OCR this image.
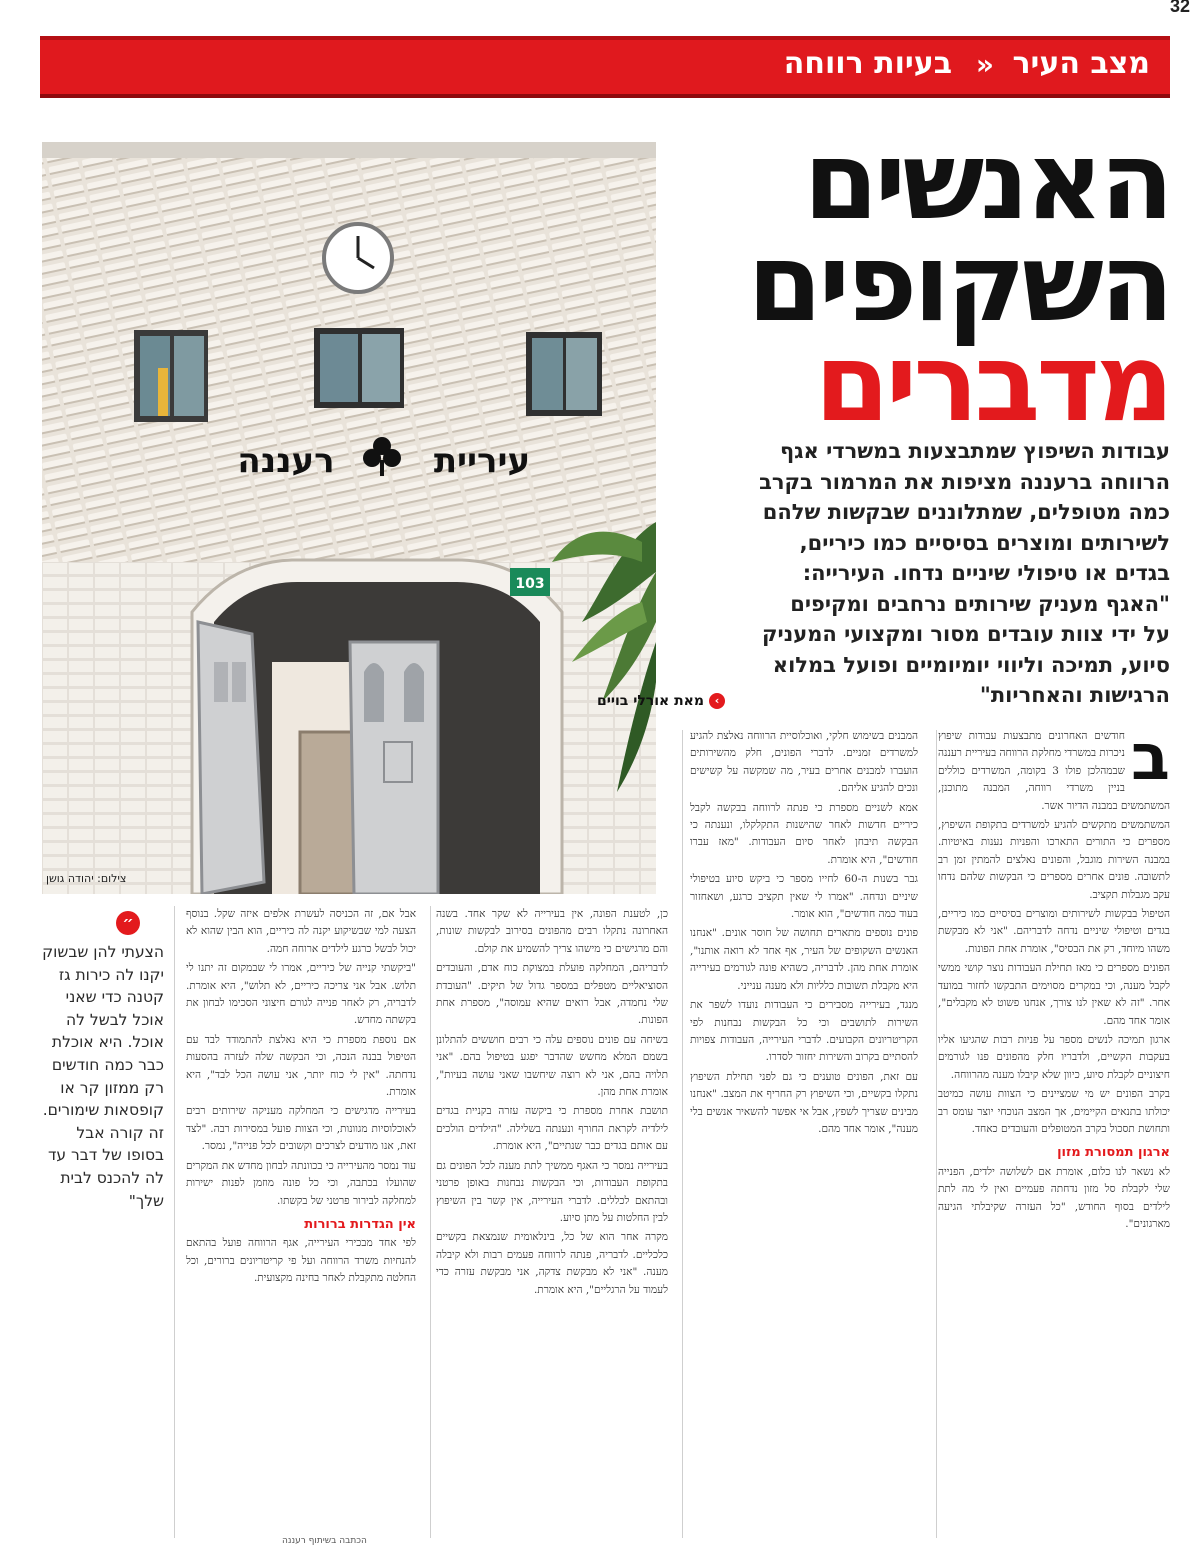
32
מצב העיר
»
בעיות רווחה
רעננה	עיריית
103
צילום: יהודה גושן
האנשים
השקופים
מדברים
עבודות השיפוץ שמתבצעות במשרדי אגף
הרווחה ברעננה מציפות את המרמור בקרב
כמה מטופלים, שמתלוננים שבקשות שלהם
לשירותים ומוצרים בסיסיים כמו כיריים,
בגדים או טיפולי שיניים נדחו. העירייה:
"האגף מעניק שירותים נרחבים ומקיפים
על ידי צוות עובדים מסור ומקצועי המעניק
סיוע, תמיכה וליווי יומיומיים ופועל במלוא
הרגישות והאחריות"
›מאת אורלי בויים
ב

חודשים האחרונים מתבצעות עבודות שיפוץ ניכרות במשרדי מחלקת הרווחה בעיריית רעננה שבמהלכן פולו 3 בקומה, המשרדים כוללים בניין משרדי רווחה, המבנה מתוכנן, המשתמשים במבנה הדיור אשר.

המשתמשים מתקשים להגיע למשרדים בתקופת השיפוץ, מספרים כי התורים התארכו והפניות נענות באיטיות. במבנה השירות מוגבל, והפונים נאלצים להמתין זמן רב לתשובה. פונים אחרים מספרים כי הבקשות שלהם נדחו עקב מגבלות תקציב.

הטיפול בבקשות לשירותים ומוצרים בסיסיים כמו כיריים, בגדים וטיפולי שיניים נדחה לדבריהם. "אני לא מבקשת משהו מיוחד, רק את הבסיס", אומרת אחת הפונות.

הפונים מספרים כי מאז תחילת העבודות נוצר קושי ממשי לקבל מענה, וכי במקרים מסוימים התבקשו לחזור במועד אחר. "זה לא שאין לנו צורך, אנחנו פשוט לא מקבלים", אומר אחד מהם.

ארגון תמיכה לנשים מספר על פניות רבות שהגיעו אליו בעקבות הקשיים, ולדבריו חלק מהפונים פנו לגורמים חיצוניים לקבלת סיוע, כיוון שלא קיבלו מענה מהרווחה.

בקרב הפונים יש מי שמציינים כי הצוות עושה כמיטב יכולתו בתנאים הקיימים, אך המצב הנוכחי יוצר עומס רב ותחושת תסכול בקרב המטופלים והעובדים כאחד.

ארגון תמסורת מזון

לא נשאר לנו כלום, אומרת אם לשלושה ילדים, הפנייה שלי לקבלת סל מזון נדחתה פעמיים ואין לי מה לתת לילדים בסוף החודש, "כל העזרה שקיבלתי הגיעה מארגונים".

המבנים בשימוש חלקי, ואוכלוסיית הרווחה נאלצת להגיע למשרדים זמניים. לדברי הפונים, חלק מהשירותים הועברו למבנים אחרים בעיר, מה שמקשה על קשישים ונכים להגיע אליהם.

אמא לשניים מספרת כי פנתה לרווחה בבקשה לקבל כיריים חדשות לאחר שהישנות התקלקלו, ונענתה כי הבקשה תיבחן לאחר סיום העבודות. "מאז עברו חודשים", היא אומרת.

גבר בשנות ה-60 לחייו מספר כי ביקש סיוע בטיפולי שיניים ונדחה. "אמרו לי שאין תקציב כרגע, ושאחזור בעוד כמה חודשים", הוא אומר.

פונים נוספים מתארים תחושה של חוסר אונים. "אנחנו האנשים השקופים של העיר, אף אחד לא רואה אותנו", אומרת אחת מהן. לדבריה, כשהיא פונה לגורמים בעירייה היא מקבלת תשובות כלליות ולא מענה ענייני.

מנגד, בעירייה מסבירים כי העבודות נועדו לשפר את השירות לתושבים וכי כל הבקשות נבחנות לפי הקריטריונים הקבועים. לדברי העירייה, העבודות צפויות להסתיים בקרוב והשירות יחזור לסדרו.

עם זאת, הפונים טוענים כי גם לפני תחילת השיפוץ נתקלו בקשיים, וכי השיפוץ רק החריף את המצב. "אנחנו מבינים שצריך לשפץ, אבל אי אפשר להשאיר אנשים בלי מענה", אומר אחד מהם.

כן, לטענת הפונה, אין בעירייה לא שקר אחד. בשנה האחרונה נתקלו רבים מהפונים בסירוב לבקשות שונות, והם מרגישים כי מישהו צריך להשמיע את קולם.

לדבריהם, המחלקה פועלת במצוקת כוח אדם, והעובדים הסוציאליים מטפלים במספר גדול של תיקים. "העובדת שלי נחמדה, אבל רואים שהיא עמוסה", מספרת אחת הפונות.

בשיחה עם פונים נוספים עלה כי רבים חוששים להתלונן בשמם המלא מחשש שהדבר יפגע בטיפול בהם. "אני תלויה בהם, אני לא רוצה שיחשבו שאני עושה בעיות", אומרת אחת מהן.

תושבת אחרת מספרת כי ביקשה עזרה בקניית בגדים לילדיה לקראת החורף ונענתה בשלילה. "הילדים הולכים עם אותם בגדים כבר שנתיים", היא אומרת.

בעירייה נמסר כי האגף ממשיך לתת מענה לכל הפונים גם בתקופת העבודות, וכי הבקשות נבחנות באופן פרטני ובהתאם לכללים. לדברי העירייה, אין קשר בין השיפוץ לבין החלטות על מתן סיוע.

מקרה אחר הוא של כל, בינלאומית שנמצאת בקשיים כלכליים. לדבריה, פנתה לרווחה פעמים רבות ולא קיבלה מענה. "אני לא מבקשת צדקה, אני מבקשת עזרה כדי לעמוד על הרגליים", היא אומרת.

אבל אם, זה הכניסה לעשרת אלפים איזה שקל. בנוסף הצעה למי שבשיקוע יקנה לה כיריים, הוא הבין שהוא לא יכול לבשל כרגע לילדים ארוחה חמה.

"ביקשתי קנייה של כיריים, אמרו לי שבמקום זה יתנו לי תלוש. אבל אני צריכה כיריים, לא תלוש", היא אומרת. לדבריה, רק לאחר פנייה לגורם חיצוני הסכימו לבחון את בקשתה מחדש.

אם נוספת מספרת כי היא נאלצת להתמודד לבד עם הטיפול בבנה הנכה, וכי הבקשה שלה לעזרה בהסעות נדחתה. "אין לי כוח יותר, אני עושה הכל לבד", היא אומרת.

בעירייה מדגישים כי המחלקה מעניקה שירותים רבים לאוכלוסיות מגוונות, וכי הצוות פועל במסירות רבה. "לצד זאת, אנו מודעים לצרכים וקשובים לכל פנייה", נמסר.

עוד נמסר מהעירייה כי בכוונתה לבחון מחדש את המקרים שהועלו בכתבה, וכי כל פונה מוזמן לפנות ישירות למחלקה לבירור פרטני של בקשתו.

אין הגדרות ברורות

לפי אחד מבכירי העירייה, אגף הרווחה פועל בהתאם להנחיות משרד הרווחה ועל פי קריטריונים ברורים, וכל החלטה מתקבלת לאחר בחינה מקצועית.

״
הצעתי להן שבשוק יקנו לה כירות גז קטנה כדי שאני אוכל לבשל לה אוכל. היא אוכלת כבר כמה חודשים רק ממזון קר או קופסאות שימורים. זה קורה אבל בסופו של דבר עד לה להכנס לבית שלך"
הכתבה בשיתוף רעננה
